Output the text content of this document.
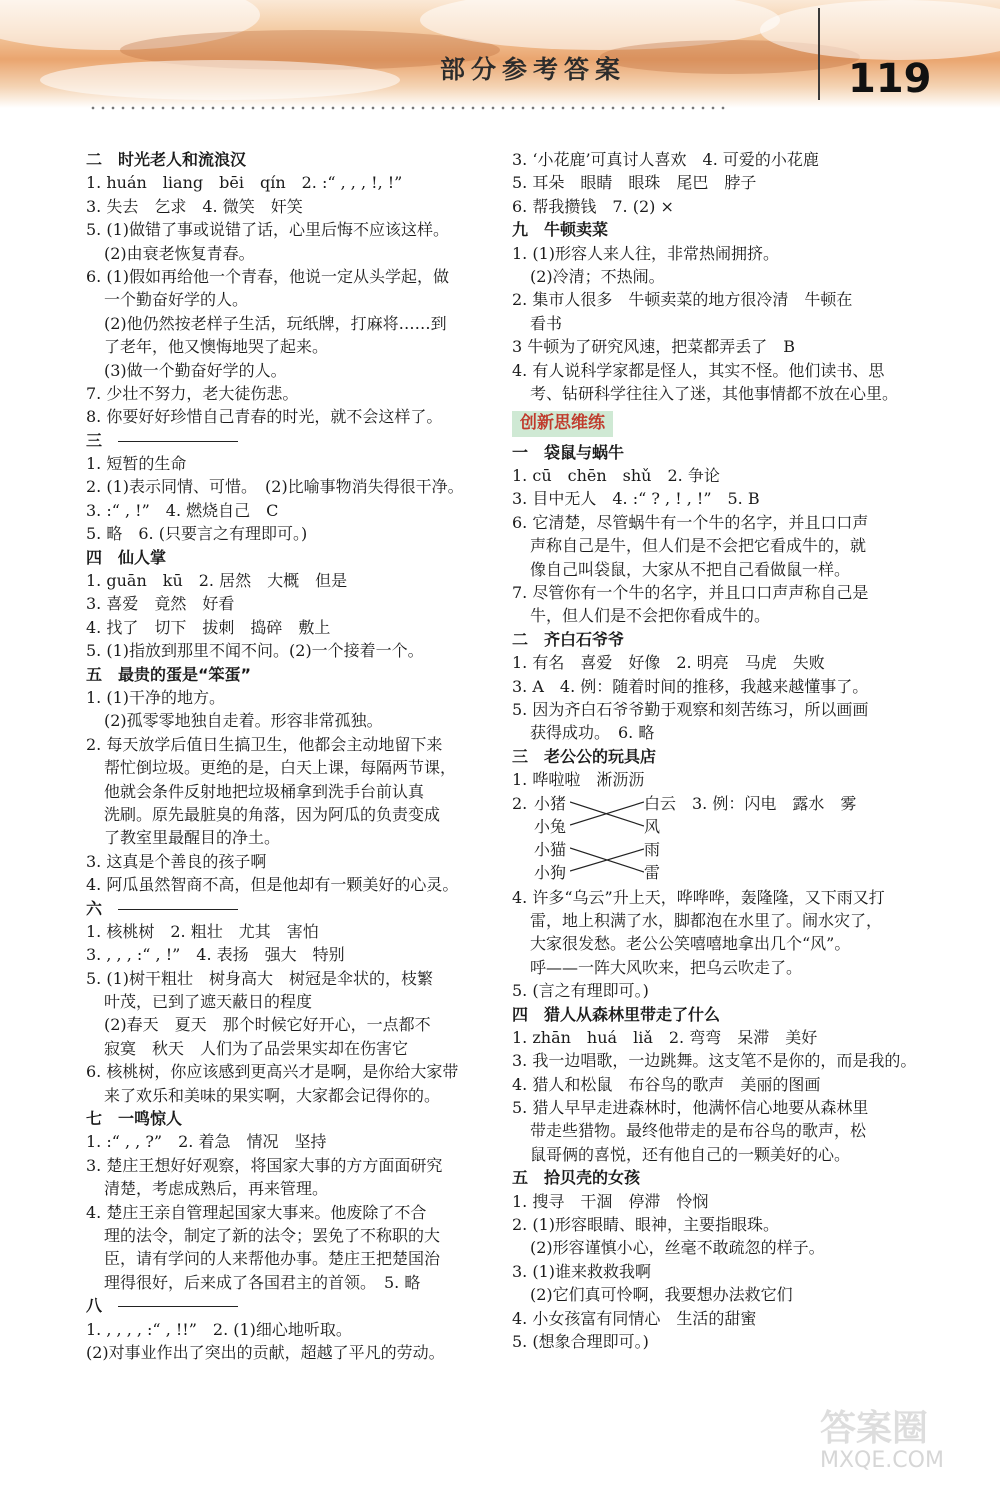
部分参考答案	119
二　时光老人和流浪汉
1. huán　liang　bēi　qín　2. :“ , , , !, !”
3. 失去　乞求　4. 微笑　奸笑
5. (1)做错了事或说错了话，心里后悔不应该这样。
(2)由衰老恢复青春。
6. (1)假如再给他一个青春，他说一定从头学起，做
一个勤奋好学的人。
(2)他仍然按老样子生活，玩纸牌，打麻将……到
了老年，他又懊悔地哭了起来。
(3)做一个勤奋好学的人。
7. 少壮不努力，老大徒伤悲。
8. 你要好好珍惜自己青春的时光，就不会这样了。
三
1. 短暂的生命
2. (1)表示同情、可惜。　(2)比喻事物消失得很干净。
3. :“ , !”　4. 燃烧自己　C
5. 略　6. (只要言之有理即可。)
四　仙人掌
1. guān　kū　2. 居然　大概　但是
3. 喜爱　竟然　好看
4. 找了　切下　拔刺　捣碎　敷上
5. (1)指放到那里不闻不问。(2)一个接着一个。
五　最贵的蛋是“笨蛋”
1. (1)干净的地方。
(2)孤零零地独自走着。形容非常孤独。
2. 每天放学后值日生搞卫生，他都会主动地留下来
帮忙倒垃圾。更绝的是，白天上课，每隔两节课，
他就会条件反射地把垃圾桶拿到洗手台前认真
洗刷。原先最脏臭的角落，因为阿瓜的负责变成
了教室里最醒目的净土。
3. 这真是个善良的孩子啊
4. 阿瓜虽然智商不高，但是他却有一颗美好的心灵。
六
1. 核桃树　2. 粗壮　尤其　害怕
3. , , , :“ , !”　4. 表扬　强大　特别
5. (1)树干粗壮　树身高大　树冠是伞状的，枝繁
叶茂，已到了遮天蔽日的程度
(2)春天　夏天　那个时候它好开心，一点都不
寂寞　秋天　人们为了品尝果实却在伤害它
6. 核桃树，你应该感到更高兴才是啊，是你给大家带
来了欢乐和美味的果实啊，大家都会记得你的。
七　一鸣惊人
1. :“ , , ?”　2. 着急　情况　坚持
3. 楚庄王想好好观察，将国家大事的方方面面研究
清楚，考虑成熟后，再来管理。
4. 楚庄王亲自管理起国家大事来。他废除了不合
理的法令，制定了新的法令；罢免了不称职的大
臣，请有学问的人来帮他办事。楚庄王把楚国治
理得很好，后来成了各国君主的首领。　5. 略
八
1. , , , , :“ , !!”　2. (1)细心地听取。
(2)对事业作出了突出的贡献，超越了平凡的劳动。
3. ‘小花鹿’可真讨人喜欢　4. 可爱的小花鹿
5. 耳朵　眼睛　眼珠　尾巴　脖子
6. 帮我攒钱　7. (2) ×
九　牛顿卖菜
1. (1)形容人来人往，非常热闹拥挤。
(2)冷清；不热闹。
2. 集市人很多　牛顿卖菜的地方很冷清　牛顿在
看书
3 牛顿为了研究风速，把菜都弄丢了　B
4. 有人说科学家都是怪人，其实不怪。他们读书、思
考、钻研科学往往入了迷，其他事情都不放在心里。
创新思维练
一　袋鼠与蜗牛
1. cū　chēn　shǔ　2. 争论
3. 目中无人　4. :“ ? , ! , !”　5. B
6. 它清楚，尽管蜗牛有一个牛的名字，并且口口声
声称自己是牛，但人们是不会把它看成牛的，就
像自己叫袋鼠，大家从不把自己看做鼠一样。
7. 尽管你有一个牛的名字，并且口口声声称自己是
牛，但人们是不会把你看成牛的。
二　齐白石爷爷
1. 有名　喜爱　好像　2. 明亮　马虎　失败
3. A　4. 例：随着时间的推移，我越来越懂事了。
5. 因为齐白石爷爷勤于观察和刻苦练习，所以画画
获得成功。　6. 略
三　老公公的玩具店
1. 哗啦啦　淅沥沥
2. 小猪
小兔
小猫
小狗
白云
风
雨
雷
3. 例：闪电　露水　雾
4. 许多“乌云”升上天，哗哗哗，轰隆隆，又下雨又打
雷，地上积满了水，脚都泡在水里了。闹水灾了，
大家很发愁。老公公笑嘻嘻地拿出几个“风”。
呼——一阵大风吹来，把乌云吹走了。
5. (言之有理即可。)
四　猎人从森林里带走了什么
1. zhān　huá　liǎ　2. 弯弯　呆滞　美好
3. 我一边唱歌，一边跳舞。这支笔不是你的，而是我的。
4. 猎人和松鼠　布谷鸟的歌声　美丽的图画
5. 猎人早早走进森林时，他满怀信心地要从森林里
带走些猎物。最终他带走的是布谷鸟的歌声，松
鼠哥俩的喜悦，还有他自己的一颗美好的心。
五　拾贝壳的女孩
1. 搜寻　干涸　停滞　怜悯
2. (1)形容眼睛、眼神，主要指眼珠。
(2)形容谨慎小心，丝毫不敢疏忽的样子。
3. (1)谁来救救我啊
(2)它们真可怜啊，我要想办法救它们
4. 小女孩富有同情心　生活的甜蜜
5. (想象合理即可。)
答案圈
MXQE.COM
